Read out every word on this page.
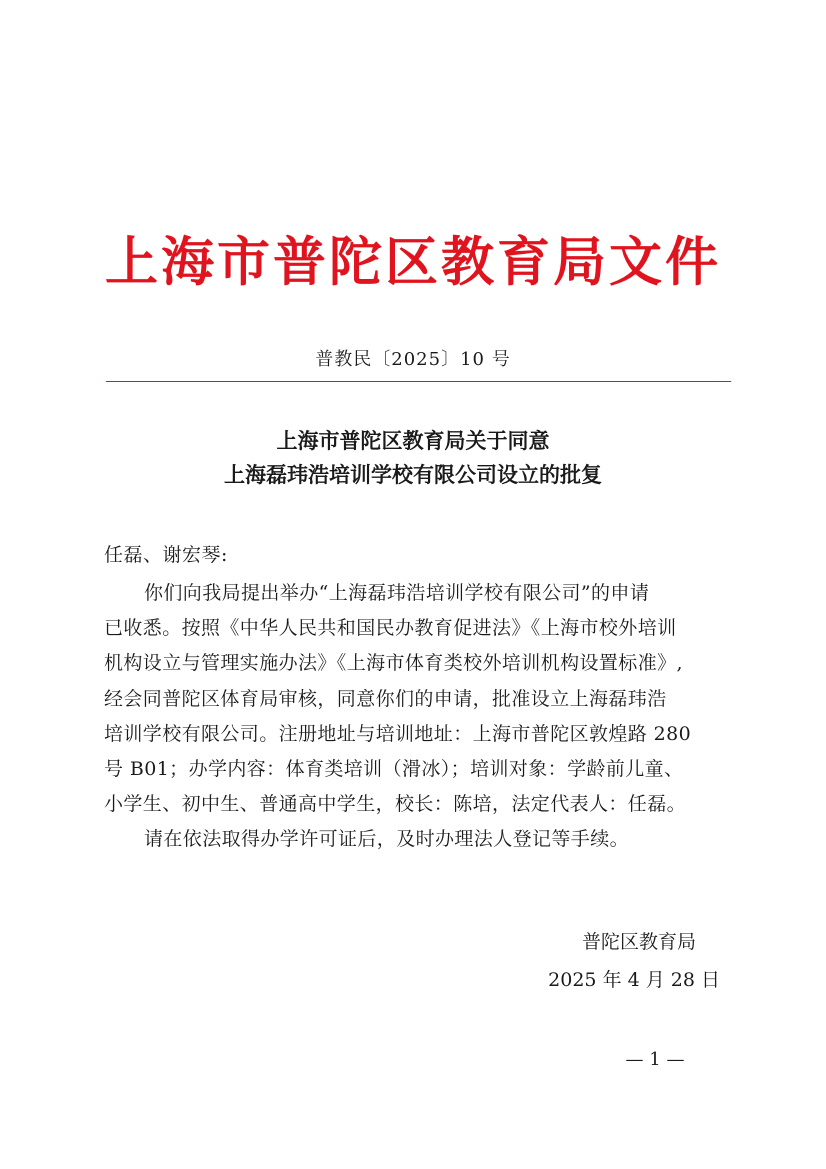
上海市普陀区教育局文件
普教民〔2025〕10 号
上海市普陀区教育局关于同意
上海磊玮浩培训学校有限公司设立的批复
任磊、谢宏琴:
你们向我局提出举办“上海磊玮浩培训学校有限公司”的申请
已收悉。按照《中华人民共和国民办教育促进法》《上海市校外培训
机构设立与管理实施办法》《上海市体育类校外培训机构设置标准》,
经会同普陀区体育局审核，同意你们的申请，批准设立上海磊玮浩
培训学校有限公司。注册地址与培训地址：上海市普陀区敦煌路 280
号 B01；办学内容：体育类培训（滑冰）；培训对象：学龄前儿童、
小学生、初中生、普通高中学生，校长：陈培，法定代表人：任磊。
请在依法取得办学许可证后，及时办理法人登记等手续。
普陀区教育局
2025 年 4 月 28 日
— 1 —
